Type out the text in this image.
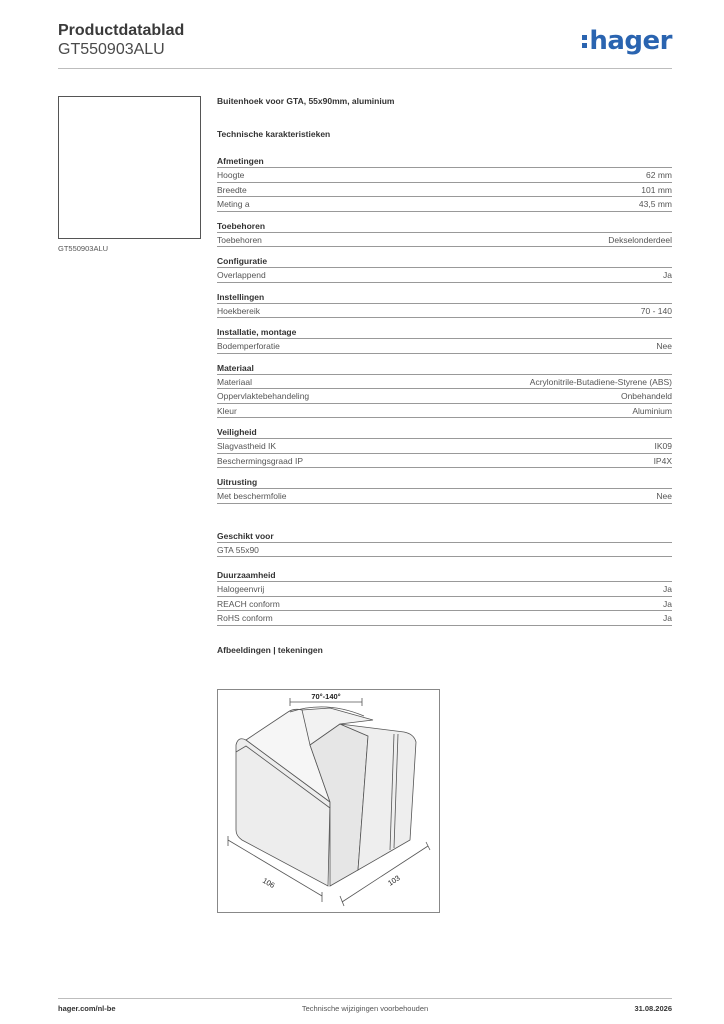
Productdatablad
GT550903ALU	hager
GT550903ALU
Buitenhoek voor GTA, 55x90mm, aluminium
Technische karakteristieken
Afmetingen
Hoogte	62 mm
Breedte	101 mm
Meting a	43,5 mm
Toebehoren
Toebehoren	Dekselonderdeel
Configuratie
Overlappend	Ja
Instellingen
Hoekbereik	70 - 140
Installatie, montage
Bodemperforatie	Nee
Materiaal
Materiaal	Acrylonitrile-Butadiene-Styrene (ABS)
Oppervlaktebehandeling	Onbehandeld
Kleur	Aluminium
Veiligheid
Slagvastheid IK	IK09
Beschermingsgraad IP	IP4X
Uitrusting
Met beschermfolie	Nee
Geschikt voor
GTA 55x90
Duurzaamheid
Halogeenvrij	Ja
REACH conform	Ja
RoHS conform	Ja
Afbeeldingen | tekeningen
70°-140°
106	103
hager.com/nl-be	Technische wijzigingen voorbehouden	31.08.2026
